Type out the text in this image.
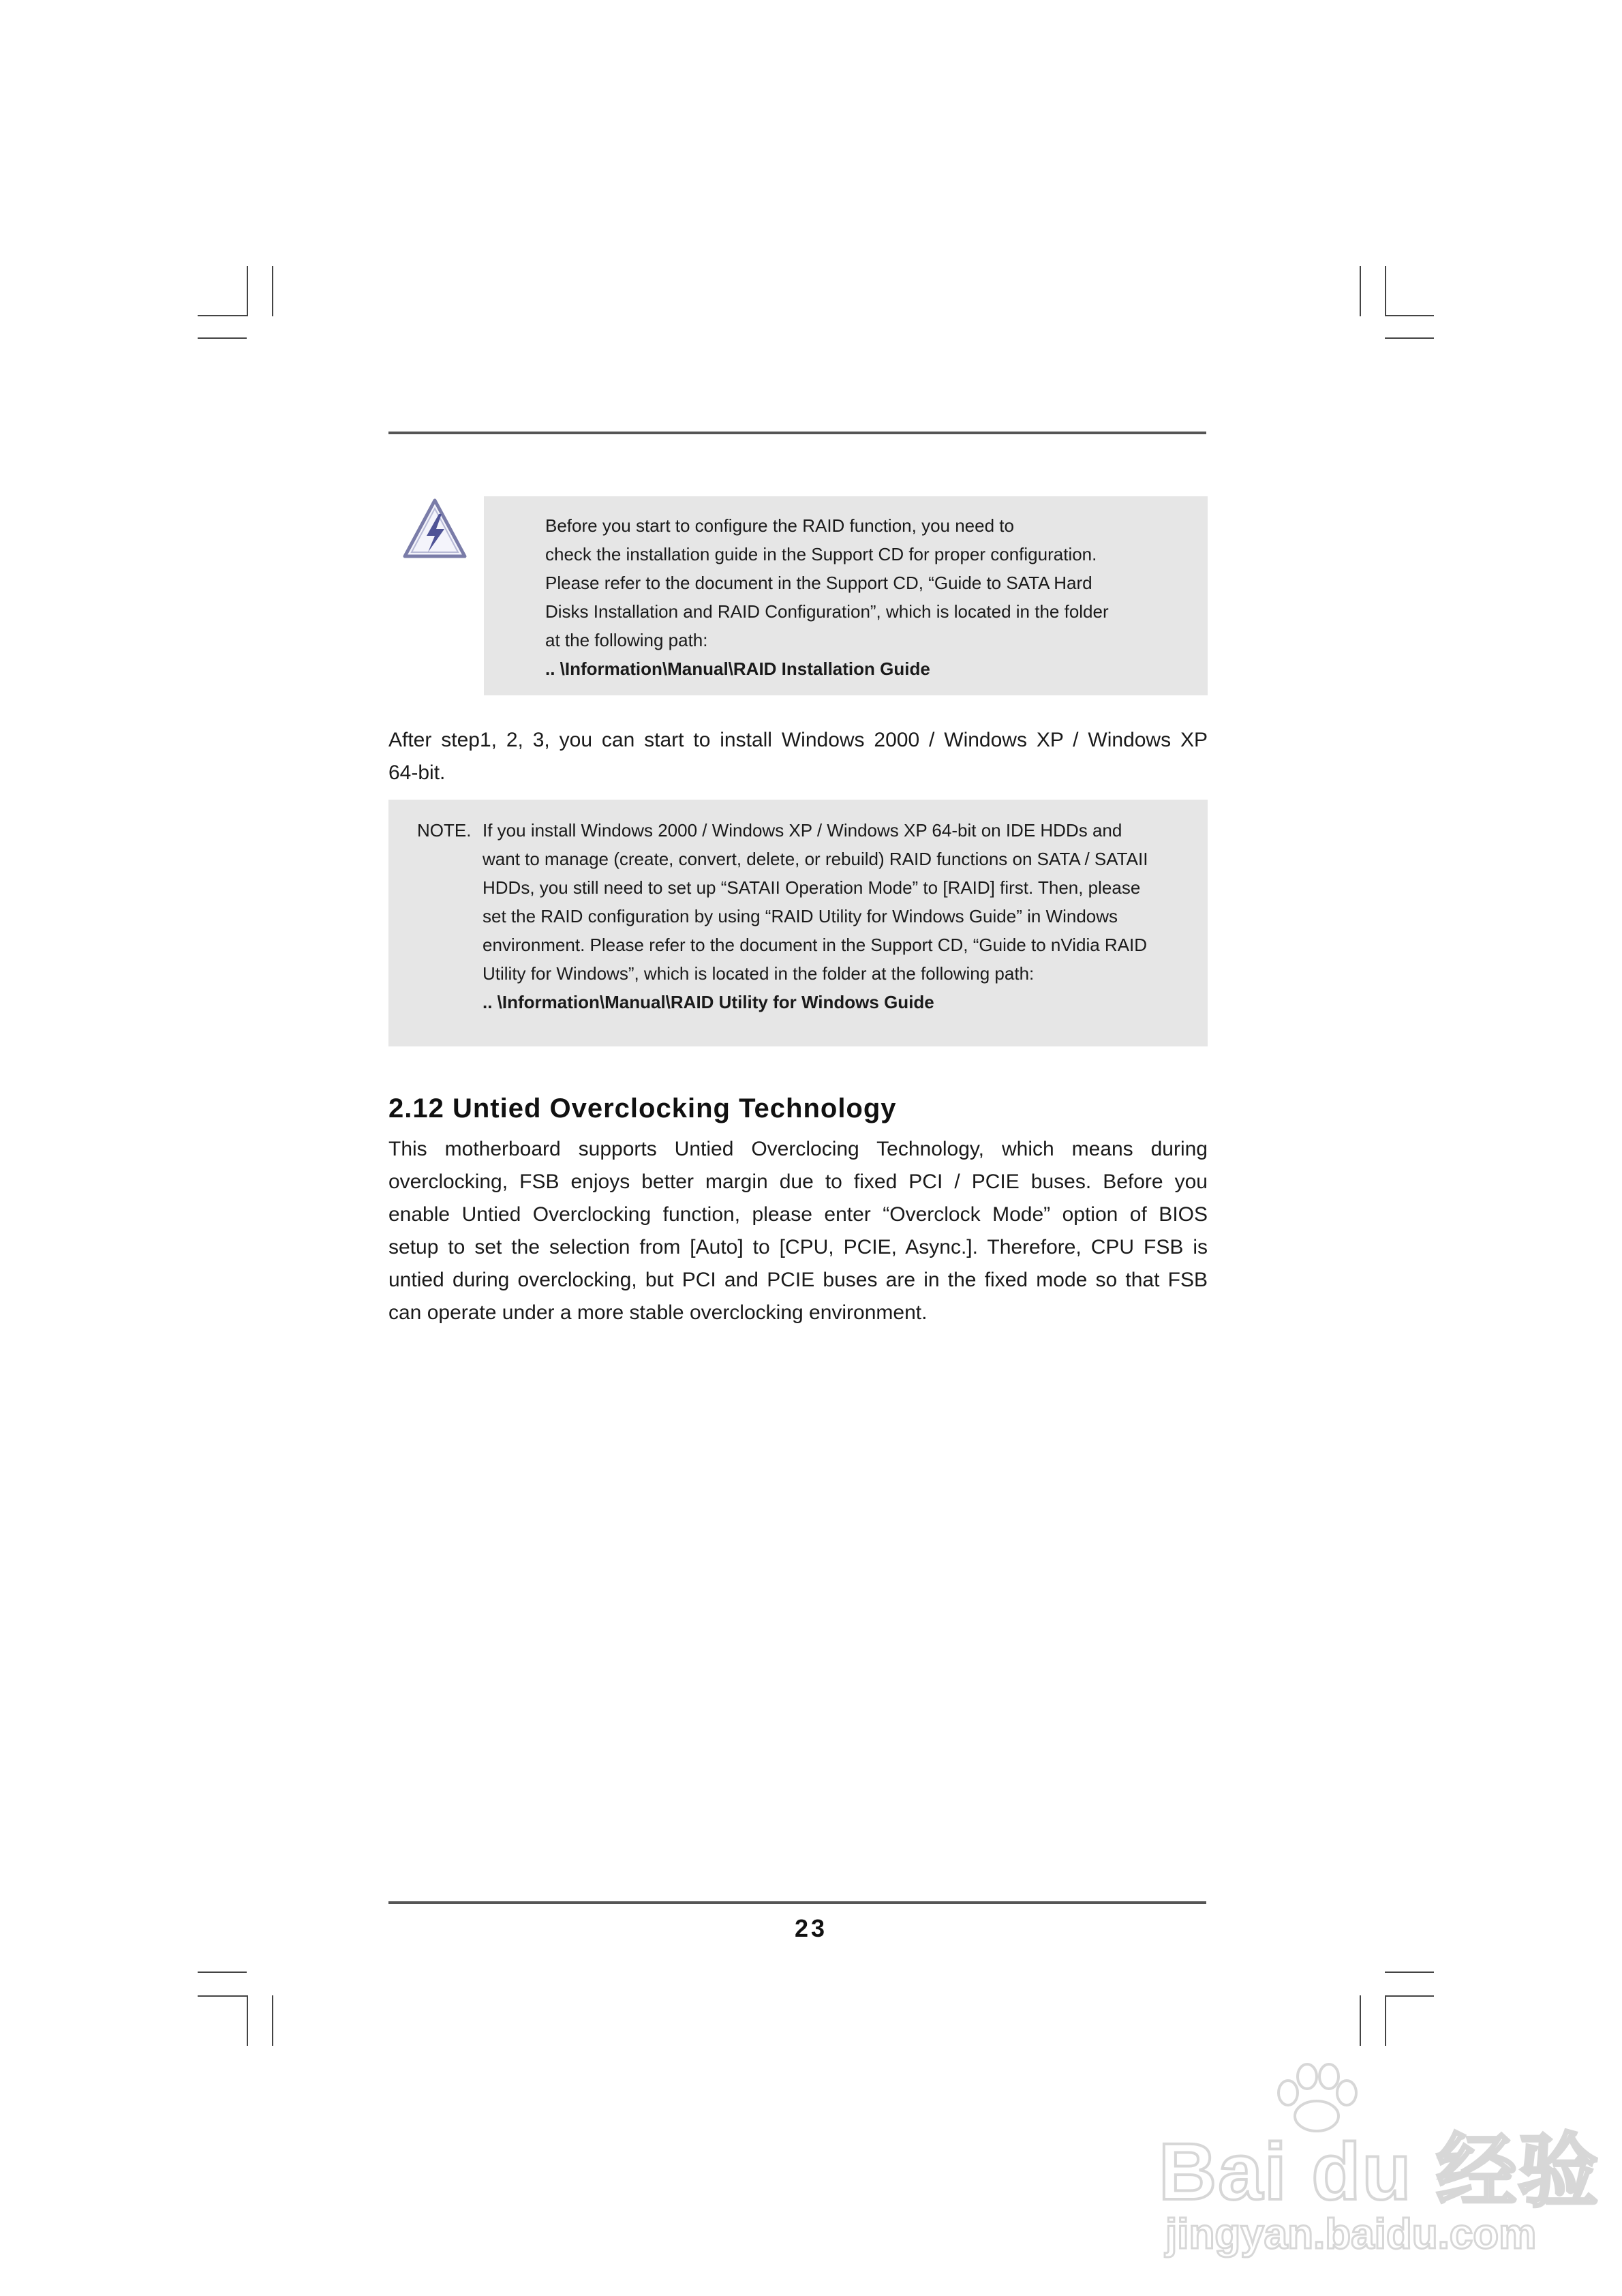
Before you start to configure the RAID function, you need to

check the installation guide in the Support CD for proper configuration.

Please refer to the document in the Support CD, “Guide to SATA Hard

Disks Installation and RAID Configuration”, which is located in the folder

at the following path:

.. \Information\Manual\RAID Installation Guide

After step1, 2, 3, you can start to install Windows 2000 / Windows XP / Windows XP

64-bit.

NOTE. If you install Windows 2000 / Windows XP / Windows XP 64-bit on IDE HDDs and

want to manage (create, convert, delete, or rebuild) RAID functions on SATA / SATAII

HDDs, you still need to set up “SATAII Operation Mode” to [RAID] first. Then, please

set the RAID configuration by using “RAID Utility for Windows Guide” in Windows

environment. Please refer to the document in the Support CD, “Guide to nVidia RAID

Utility for Windows”, which is located in the folder at the following path:

.. \Information\Manual\RAID Utility for Windows Guide

2.12 Untied Overclocking Technology

This motherboard supports Untied Overclocing Technology, which means during

overclocking, FSB enjoys better margin due to fixed PCI / PCIE buses. Before you

enable Untied Overclocking function, please enter “Overclock Mode” option of BIOS

setup to set the selection from [Auto] to [CPU, PCIE, Async.]. Therefore, CPU FSB is

untied during overclocking, but PCI and PCIE buses are in the fixed mode so that FSB

can operate under a more stable overclocking environment.

23
Bai du 经验
jingyan.baidu.com
